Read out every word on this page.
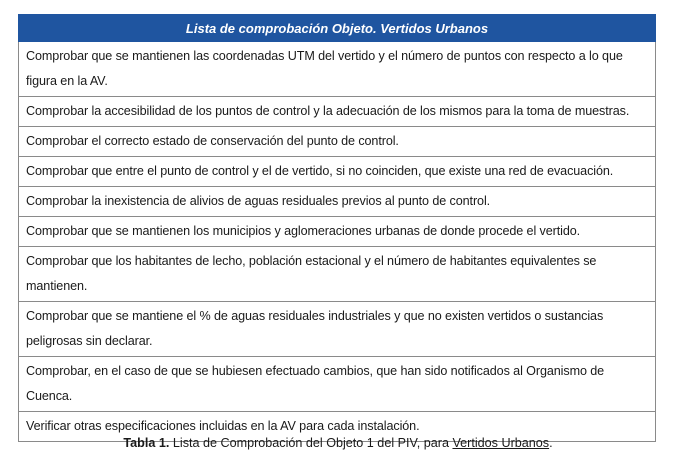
Lista de comprobación Objeto. Vertidos Urbanos
Comprobar que se mantienen las coordenadas UTM del vertido y el número de puntos con respecto a lo que figura en la AV.
Comprobar la accesibilidad de los puntos de control y la adecuación de los mismos para la toma de muestras.
Comprobar el correcto estado de conservación del punto de control.
Comprobar que entre el punto de control y el de vertido, si no coinciden, que existe una red de evacuación.
Comprobar la inexistencia de alivios de aguas residuales previos al punto de control.
Comprobar que se mantienen los municipios y aglomeraciones urbanas de donde procede el vertido.
Comprobar que los habitantes de lecho, población estacional y el número de habitantes equivalentes se mantienen.
Comprobar que se mantiene el % de aguas residuales industriales y que no existen vertidos o sustancias peligrosas sin declarar.
Comprobar, en el caso de que se hubiesen efectuado cambios, que han sido notificados al Organismo de Cuenca.
Verificar otras especificaciones incluidas en la AV para cada instalación.
Tabla 1. Lista de Comprobación del Objeto 1 del PIV, para Vertidos Urbanos.
